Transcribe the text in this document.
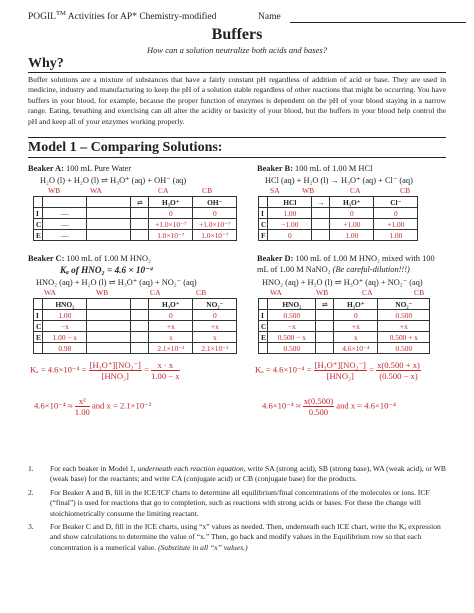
POGIL™ Activities for AP* Chemistry-modified	Name
Buffers
How can a solution neutralize both acids and bases?
Why?
Buffer solutions are a mixture of substances that have a fairly constant pH regardless of addition of acid or base. They are used in medicine, industry and manufacturing to keep the pH of a solution stable regardless of other reactions that might be occurring. You have buffers in your blood, for example, because the proper function of enzymes is dependent on the pH of your blood staying in a narrow range. Eating, breathing and exercising can all alter the acidity or basicity of your blood, but the buffers in your blood help control the pH and keep all of your enzymes working properly.
Model 1 – Comparing Solutions:
Beaker A: 100 mL Pure Water
H₂O (l) + H₂O (l) ⇌ H₃O⁺ (aq) + OH⁻ (aq)
WB	WA	CA	CB
			⇌	H₃O⁺	OH⁻
I	—			0	0
C	—			+1.0×10⁻⁷	+1.0×10⁻⁷
E	—			1.0×10⁻⁷	1.0×10⁻⁷
Beaker B: 100 mL of 1.00 M HCl
HCl (aq) + H₂O (l) → H₃O⁺ (aq) + Cl⁻ (aq)
SA	WB	CA	CB
	HCl	→	H₃O⁺	Cl⁻
I	1.00		0	0
C	−1.00		+1.00	+1.00
F	0		1.00	1.00
Beaker C: 100 mL of 1.00 M HNO₂
Kₐ of HNO₂ = 4.6 × 10⁻⁴
HNO₂ (aq) + H₂O (l) ⇌ H₃O⁺ (aq) + NO₂⁻ (aq)
WA	WB	CA	CB
	HNO₂			H₃O⁺	NO₂⁻
I	1.00			0	0
C	−x			+x	+x
E	1.00 − x			x	x
	0.98			2.1×10⁻²	2.1×10⁻²
$K_a = 4.6\times 10^{-4} = \frac{\text{[H₃O⁺][NO₂⁻]}}{\text{[HNO₂]}} = \frac{x \cdot x}{1.00 - x}$
$4.6\times 10^{-4} \approx \frac{\text{x²}}{1.00}$ and x = 2.1×10⁻²
Beaker D: 100 mL of 1.00 M HNO₂ mixed with 100
mL of 1.00 M NaNO₂ (Be careful-dilution!!!)
HNO₂ (aq) + H₂O (l) ⇌ H₃O⁺ (aq) + NO₂⁻ (aq)
WA	WB	CA	CB
	HNO₂	⇌	H₃O⁺	NO₂⁻
I	0.500		0	0.500
C	−x		+x	+x
E	0.500 − x		x	0.500 + x
	0.500		4.6×10⁻⁴	0.500
$K_a = 4.6\times 10^{-4} = \frac{\text{[H₃O⁺][NO₂⁻]}}{\text{[HNO₂]}} = \frac{x(0.500 + x)}{(0.500 - x)}$
$4.6\times 10^{-4} \approx \frac{x(0.500)}{0.500}$ and x = 4.6×10⁻⁴
1. For each beaker in Model 1, underneath each reaction equation, write SA (strong acid), SB (strong base), WA (weak acid), or WB (weak base) for the reactants; and write CA (conjugate acid) or CB (conjugate base) for the products.
2. For Beaker A and B, fill in the ICE/ICF charts to determine all equilibrium/final concentrations of the molecules or ions. ICF (“final”) is used for reactions that go to completion, such as reactions with strong acids or bases. For these the change will stoichiometrically consume the limiting reactant.
3. For Beaker C and D, fill in the ICE charts, using “x” values as needed. Then, underneath each ICE chart, write the Kₐ expression and show calculations to determine the value of “x.” Then, go back and modify values in the Equilibrium row so that each concentration is a numerical value. (Substitute in all “x” values.)
